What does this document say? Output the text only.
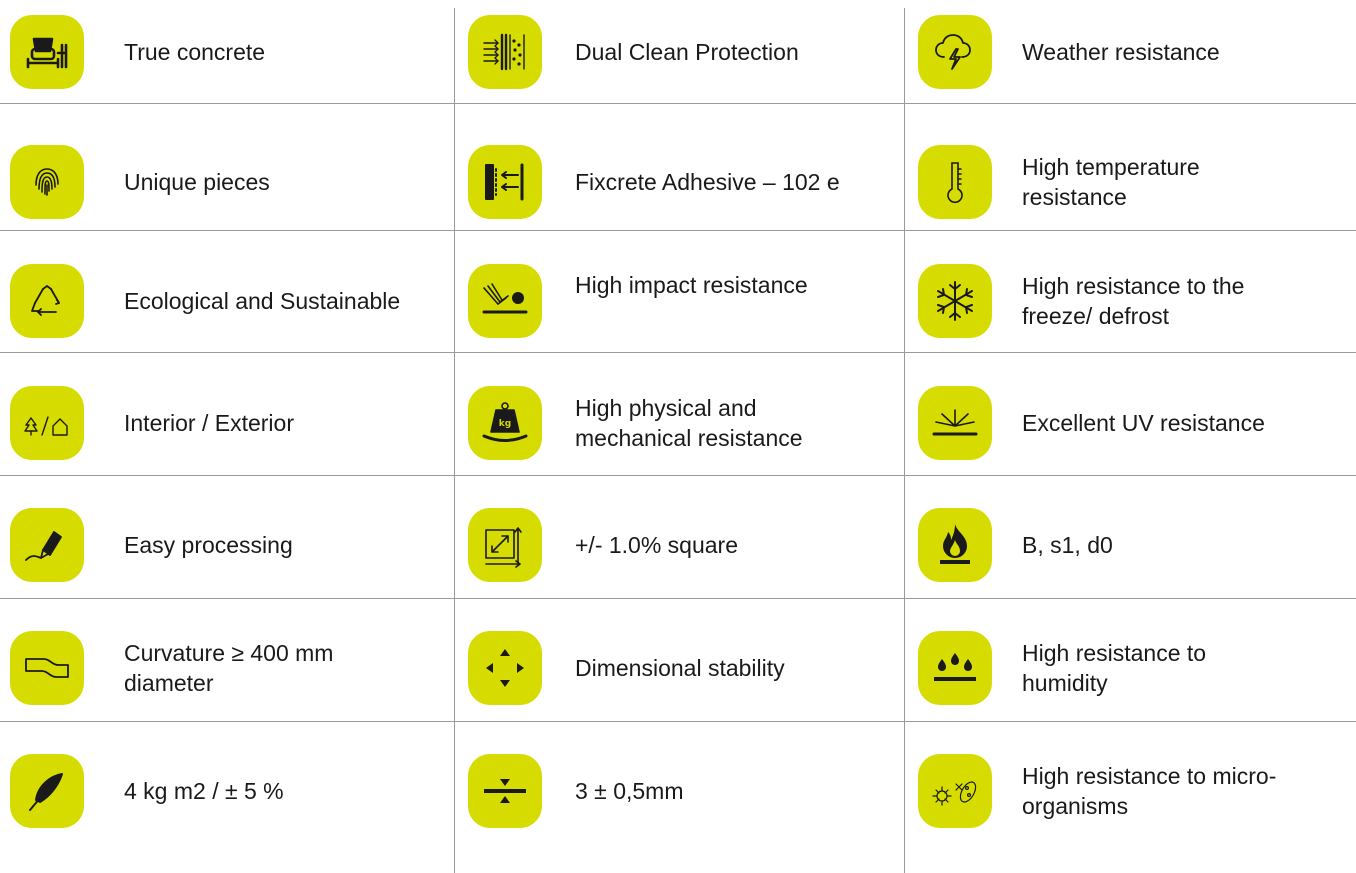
True concrete
Unique pieces
Ecological and Sustainable
Interior / Exterior
Easy processing
Curvature ≥ 400 mm diameter
4 kg m2 / ± 5 %
Dual Clean Protection
Fixcrete Adhesive – 102 e
High impact resistance
kg
High physical and mechanical resistance
+/- 1.0% square
Dimensional stability
3 ± 0,5mm
Weather resistance
High temperature resistance
High resistance to the freeze/ defrost
Excellent UV resistance
B, s1, d0
High resistance to humidity
High resistance to micro-organisms
